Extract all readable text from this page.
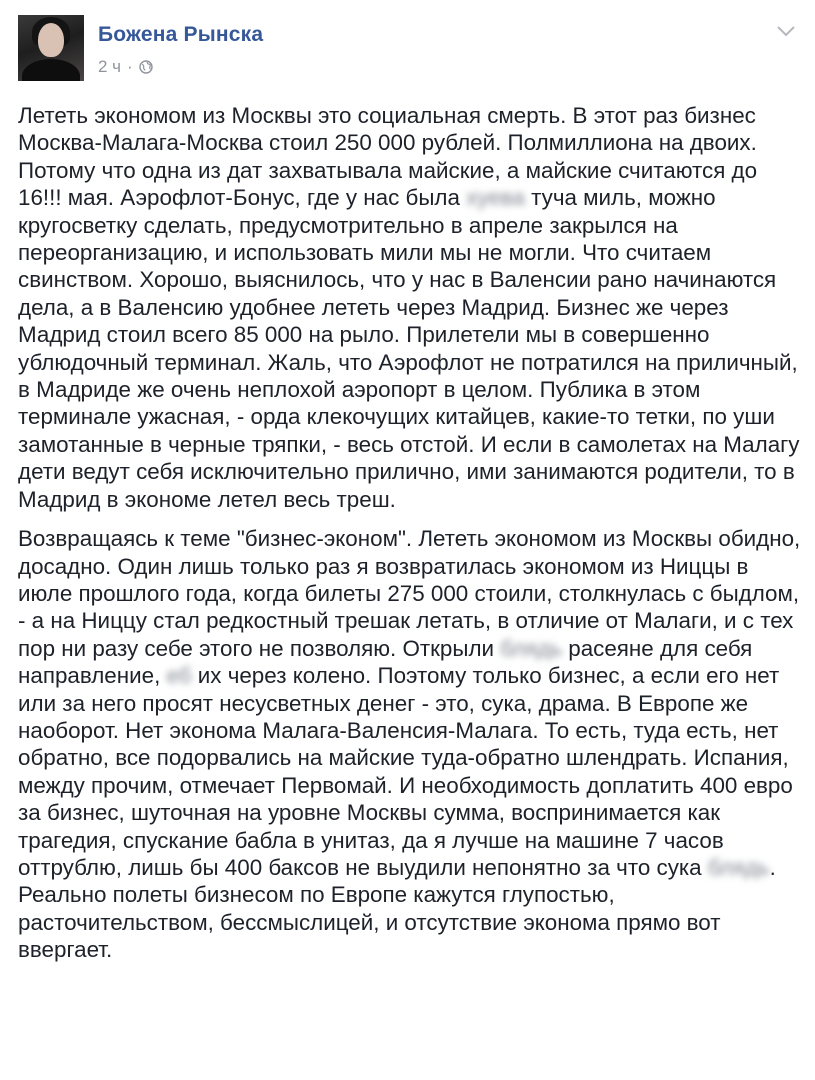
Божена Рынска
2 ч ·

Лететь экономом из Москвы это социальная смерть. В этот раз бизнес Москва-Малага-Москва стоил 250 000 рублей. Полмиллиона на двоих. Потому что одна из дат захватывала майские, а майские считаются до 16!!! мая. Аэрофлот-Бонус, где у нас была хуева туча миль, можно кругосветку сделать, предусмотрительно в апреле закрылся на переорганизацию, и использовать мили мы не могли. Что считаем свинством. Хорошо, выяснилось, что у нас в Валенсии рано начинаются дела, а в Валенсию удобнее лететь через Мадрид. Бизнес же через Мадрид стоил всего 85 000 на рыло. Прилетели мы в совершенно ублюдочный терминал. Жаль, что Аэрофлот не потратился на приличный, в Мадриде же очень неплохой аэропорт в целом. Публика в этом терминале ужасная, - орда клекочущих китайцев, какие-то тетки, по уши замотанные в черные тряпки, - весь отстой. И если в самолетах на Малагу дети ведут себя исключительно прилично, ими занимаются родители, то в Мадрид в экономе летел весь треш.

Возвращаясь к теме "бизнес-эконом". Лететь экономом из Москвы обидно, досадно. Один лишь только раз я возвратилась экономом из Ниццы в июле прошлого года, когда билеты 275 000 стоили, столкнулась с быдлом, - а на Ниццу стал редкостный трешак летать, в отличие от Малаги, и с тех пор ни разу себе этого не позволяю. Открыли блядь расеяне для себя направление, еб их через колено. Поэтому только бизнес, а если его нет или за него просят несусветных денег - это, сука, драма. В Европе же наоборот. Нет эконома Малага-Валенсия-Малага. То есть, туда есть, нет обратно, все подорвались на майские туда-обратно шлендрать. Испания, между прочим, отмечает Первомай. И необходимость доплатить 400 евро за бизнес, шуточная на уровне Москвы сумма, воспринимается как трагедия, спускание бабла в унитаз, да я лучше на машине 7 часов оттрублю, лишь бы 400 баксов не выудили непонятно за что сука блядь. Реально полеты бизнесом по Европе кажутся глупостью, расточительством, бессмыслицей, и отсутствие эконома прямо вот ввергает.
